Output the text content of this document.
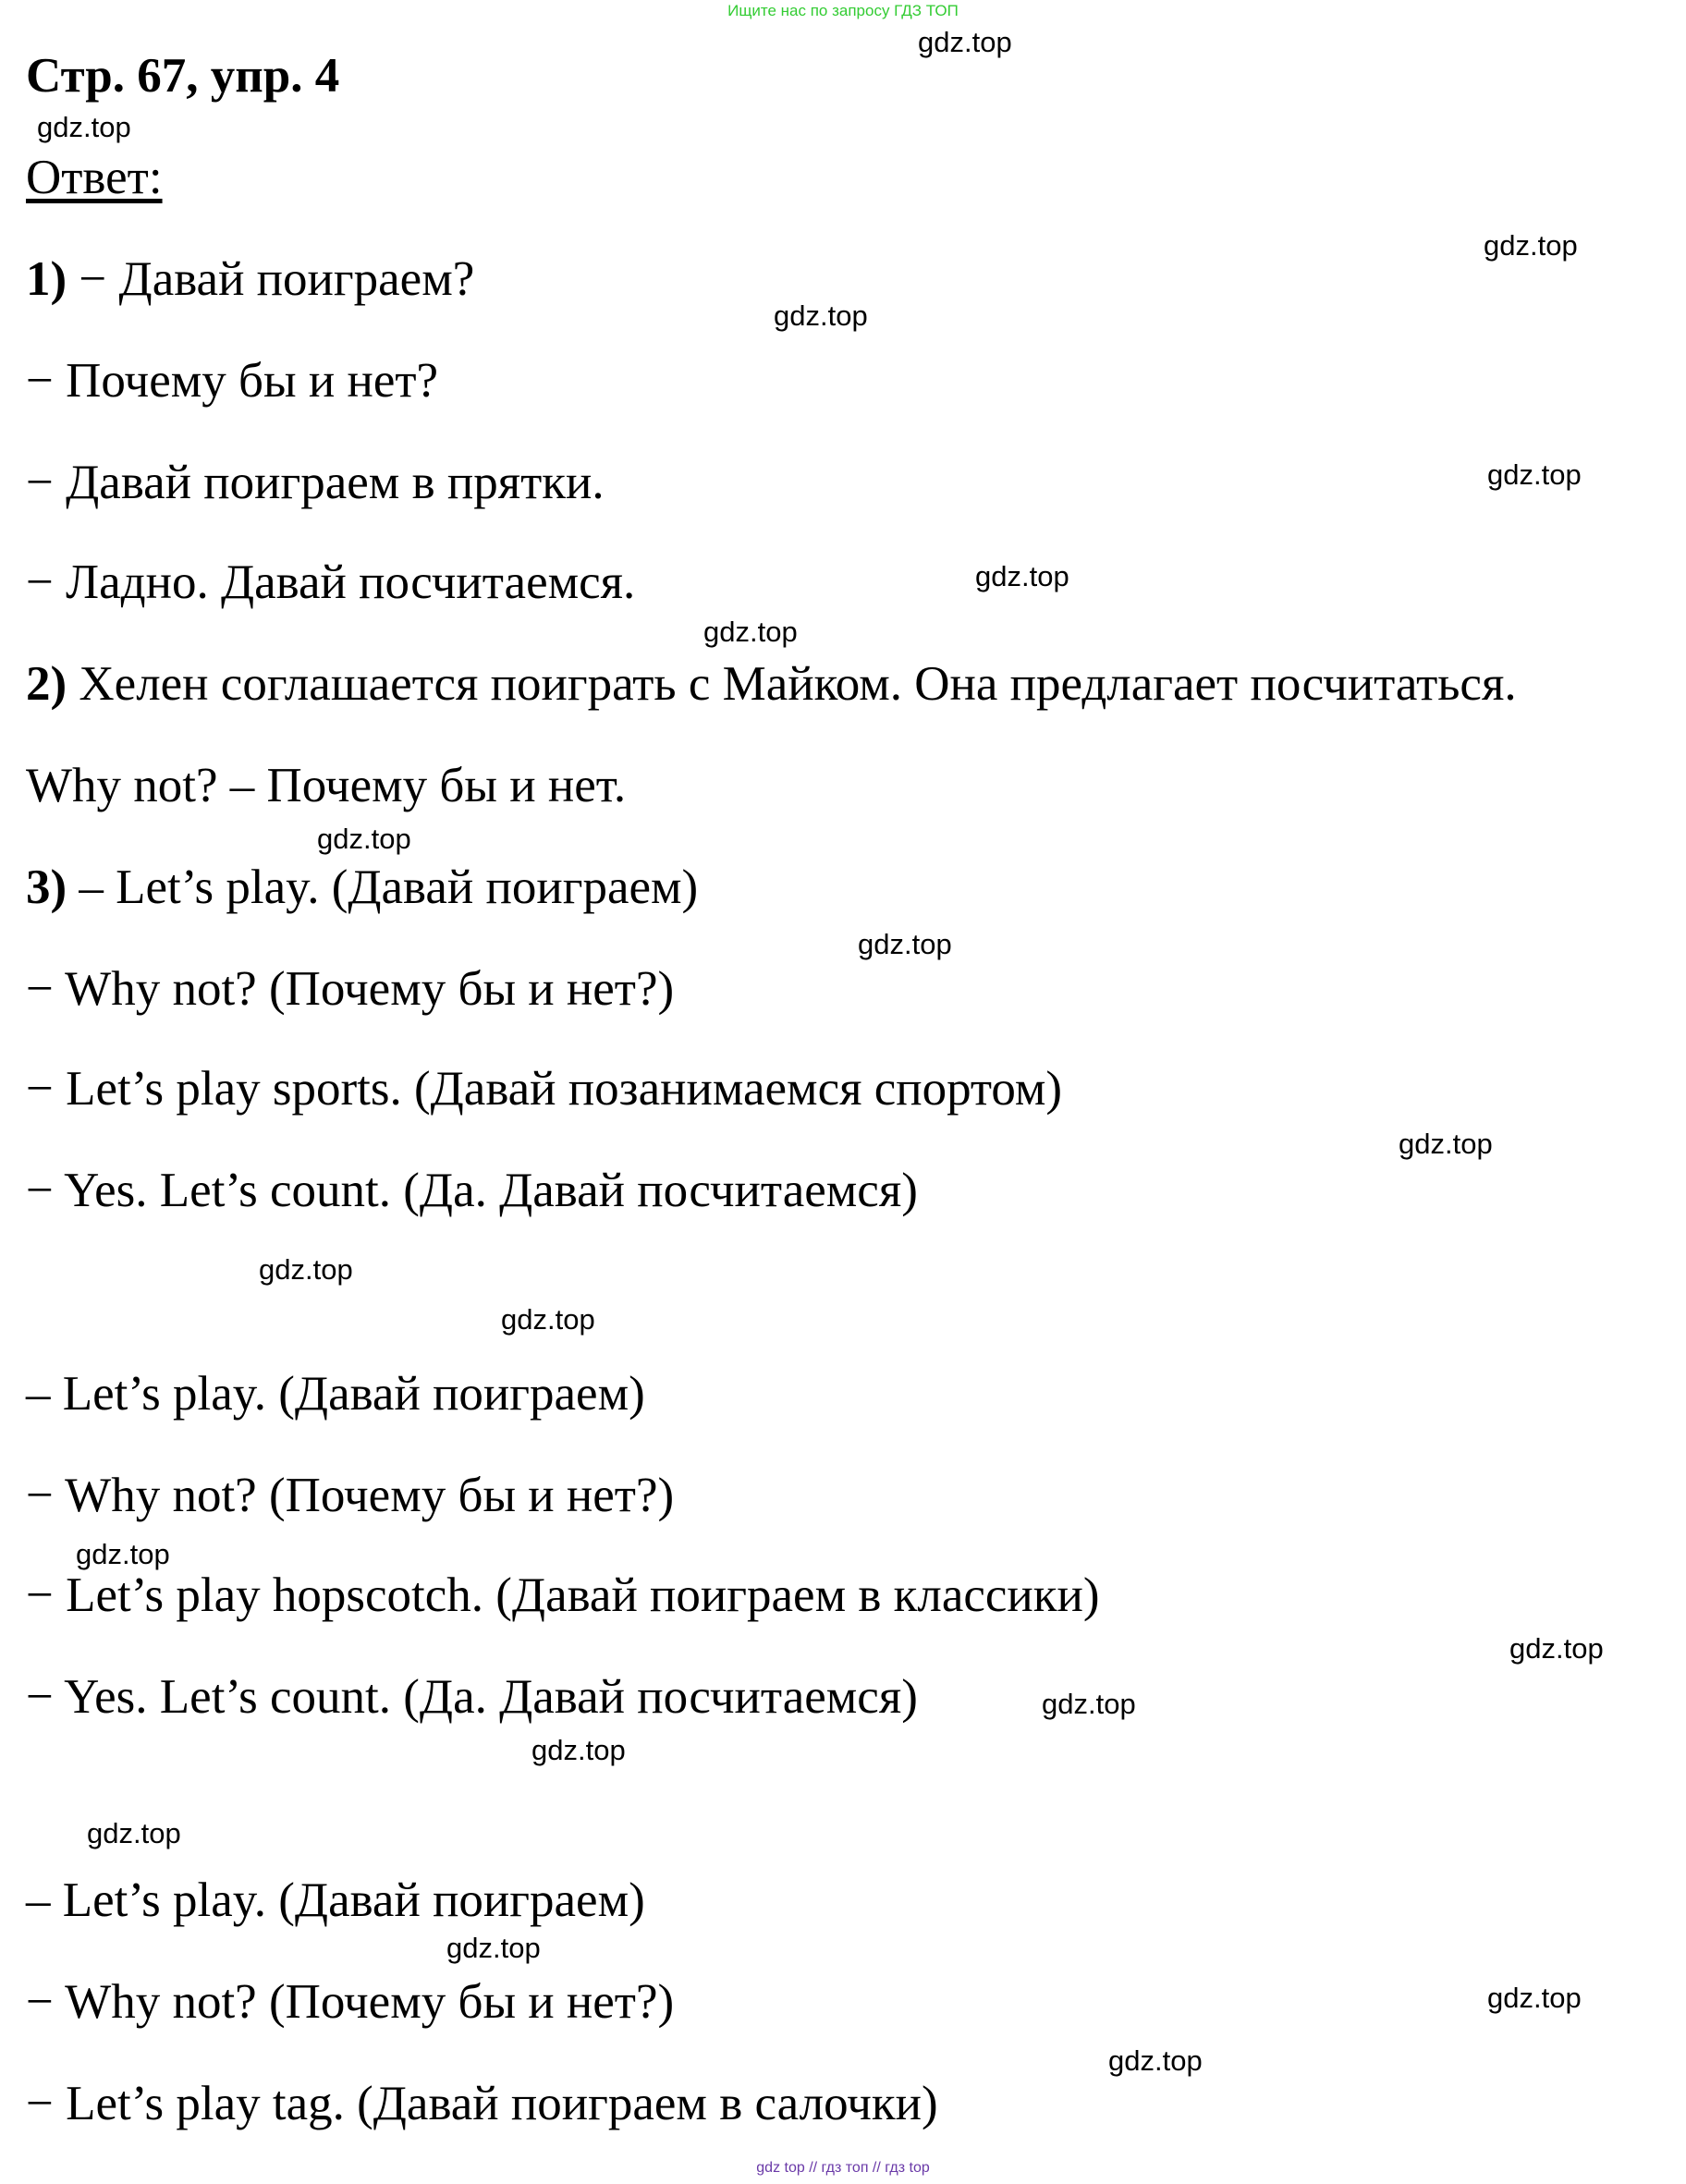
Ищите нас по запросу ГДЗ ТОП
Стр. 67, упр. 4
Ответ:
1) − Давай поиграем?
− Почему бы и нет?
− Давай поиграем в прятки.
− Ладно. Давай посчитаемся.
2) Хелен соглашается поиграть с Майком. Она предлагает посчитаться.
Why not? – Почему бы и нет.
3) – Let’s play. (Давай поиграем)
− Why not? (Почему бы и нет?)
− Let’s play sports. (Давай позанимаемся спортом)
− Yes. Let’s count. (Да. Давай посчитаемся)
– Let’s play. (Давай поиграем)
− Why not? (Почему бы и нет?)
− Let’s play hopscotch. (Давай поиграем в классики)
− Yes. Let’s count. (Да. Давай посчитаемся)
– Let’s play. (Давай поиграем)
− Why not? (Почему бы и нет?)
− Let’s play tag. (Давай поиграем в салочки)
gdz.top
gdz.top
gdz.top
gdz.top
gdz.top
gdz.top
gdz.top
gdz.top
gdz.top
gdz.top
gdz.top
gdz.top
gdz.top
gdz.top
gdz.top
gdz.top
gdz.top
gdz.top
gdz.top
gdz.top
gdz top // гдз топ // гдз top
